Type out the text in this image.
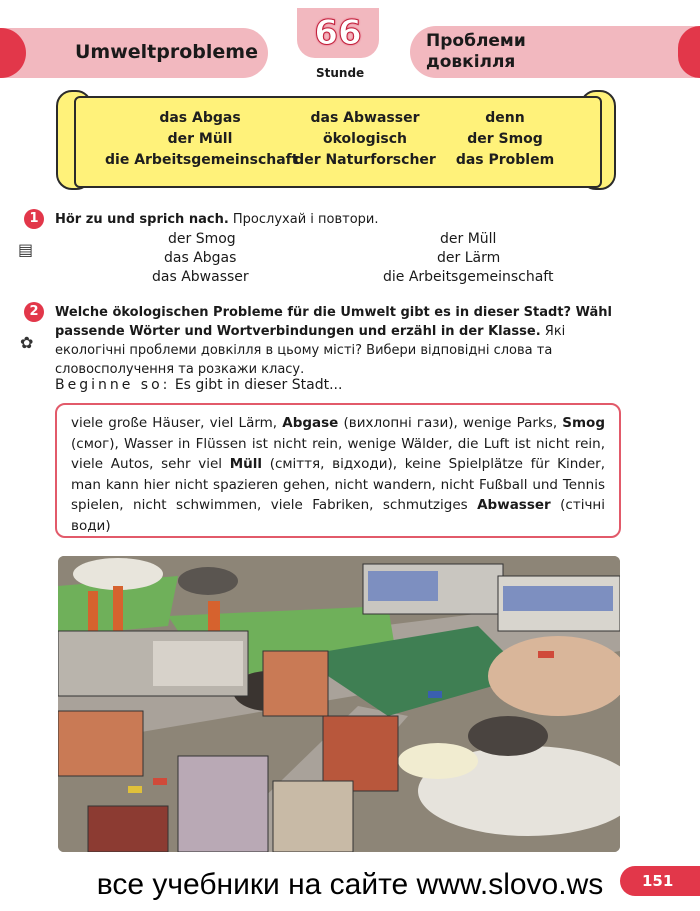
Umweltprobleme	66
Stunde
Проблеми
довкілля
das Abgas
der Müll
die Arbeitsgemeinschaft
das Abwasser
ökologisch
der Naturforscher
denn
der Smog
das Problem
1
▤
Hör zu und sprich nach. Прослухай і повтори.
der Smog
das Abgas
das Abwasser
der Müll
der Lärm
die Arbeitsgemeinschaft
2
✿
Welche ökologischen Probleme für die Umwelt gibt es in dieser Stadt? Wähl passende Wörter und Wortverbindungen und erzähl in der Klasse. Які екологічні проблеми довкілля в цьому місті? Вибери відповідні слова та словосполучення та розкажи класу.
Beginne so: Es gibt in dieser Stadt...
viele große Häuser, viel Lärm, Abgase (вихлопні гази), wenige Parks, Smog (смог), Wasser in Flüssen ist nicht rein, wenige Wälder, die Luft ist nicht rein, viele Autos, sehr viel Müll (сміття, відходи), keine Spielplätze für Kinder, man kann hier nicht spazieren gehen, nicht wandern, nicht Fußball und Tennis spielen, nicht schwimmen, viele Fabriken, schmutziges Abwasser (стічні води)
151
все учебники на сайте www.slovo.ws
